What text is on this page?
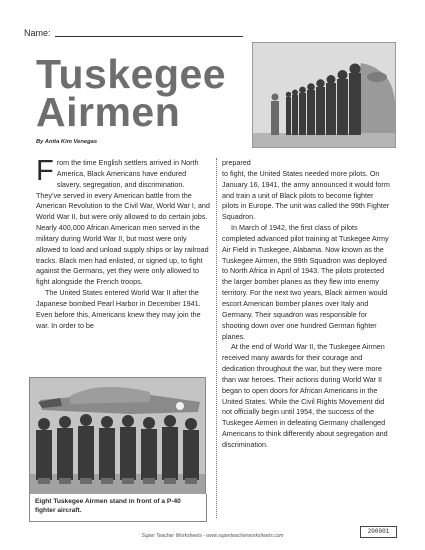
Name:
Tuskegee
Airmen
By Anita Kim Venegas
F rom the time English settlers arrived in North America, Black Americans have endured slavery, segregation, and discrimination. They’ve served in every American battle from the American Revolution to the Civil War, World War I, and World War II, but were only allowed to do certain jobs. Nearly 400,000 African American men served in the military during World War II, but most were only allowed to load and unload supply ships or lay railroad tracks. Black men had enlisted, or signed up, to fight against the Germans, yet they were only allowed to fight alongside the French troops.

The United States entered World War II after the Japanese bombed Pearl Harbor in December 1941. Even before this, Americans knew they may join the war. In order to be

prepared

to fight, the United States needed more pilots. On January 16, 1941, the army announced it would form and train a unit of Black pilots to become fighter pilots in Europe. The unit was called the 99th Fighter Squadron.

In March of 1942, the first class of pilots completed advanced pilot training at Tuskegee Army Air Field in Tuskegee, Alabama. Now known as the Tuskegee Airmen, the 99th Squadron was deployed to North Africa in April of 1943. The pilots protected the larger bomber planes as they flew into enemy territory. For the next two years, Black airmen would escort American bomber planes over Italy and Germany. Their squadron was responsible for shooting down over one hundred German fighter planes.

At the end of World War II, the Tuskegee Airmen received many awards for their courage and dedication throughout the war, but they were more than war heroes. Their actions during World War II began to open doors for African Americans in the United States. While the Civil Rights Movement did not officially begin until 1954, the success of the Tuskegee Airmen in defeating Germany challenged Americans to think differently about segregation and discrimination.

Eight Tuskegee Airmen stand in front of a P-40 fighter aircraft.
Super Teacher Worksheets - www.superteacherworksheets.com
200001
